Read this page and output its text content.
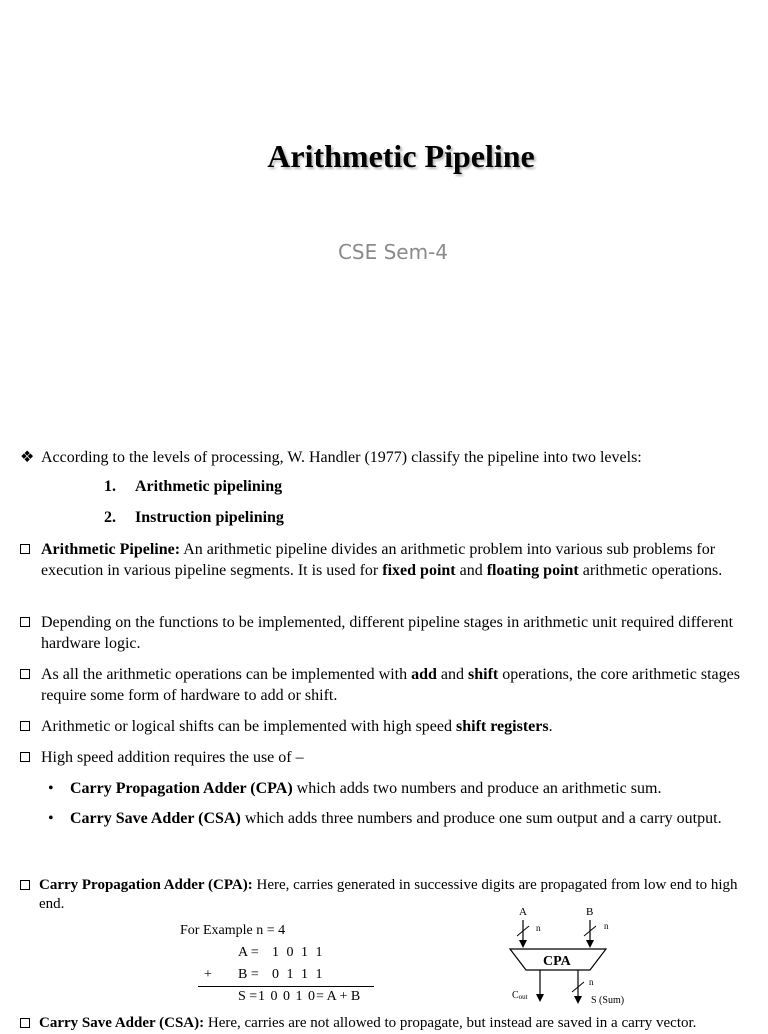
Arithmetic Pipeline
CSE Sem-4
❖ According to the levels of processing, W. Handler (1977) classify the pipeline into two levels:
1. Arithmetic pipelining
2. Instruction pipelining
Arithmetic Pipeline: An arithmetic pipeline divides an arithmetic problem into various sub problems for execution in various pipeline segments. It is used for fixed point and floating point arithmetic operations.
Depending on the functions to be implemented, different pipeline stages in arithmetic unit required different hardware logic.
As all the arithmetic operations can be implemented with add and shift operations, the core arithmetic stages require some form of hardware to add or shift.
Arithmetic or logical shifts can be implemented with high speed shift registers.
High speed addition requires the use of –
• Carry Propagation Adder (CPA) which adds two numbers and produce an arithmetic sum.
• Carry Save Adder (CSA) which adds three numbers and produce one sum output and a carry output.
Carry Propagation Adder (CPA): Here, carries generated in successive digits are propagated from low end to high end.
For Example n = 4
A = 1 0 1 1
+ B = 0 1 1 1
S = 1 0 0 1 0 = A + B
A	B
n	n
CPA
Cout
n
S (Sum)
Carry Save Adder (CSA): Here, carries are not allowed to propagate, but instead are saved in a carry vector.
